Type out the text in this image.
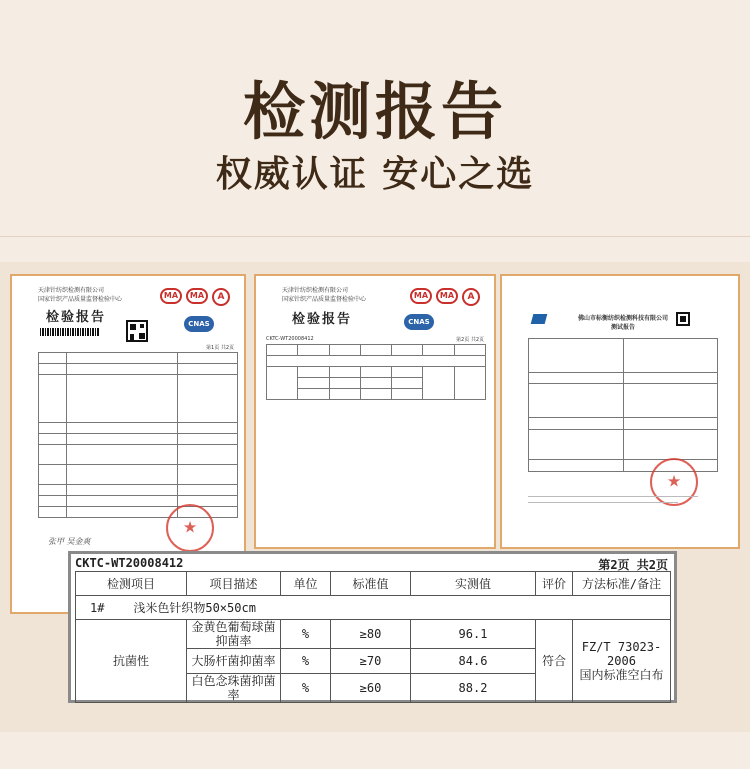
检测报告
权威认证 安心之选
天津针纺织检测有限公司
国家针织产品质量监督检验中心	MA	MA	A
检验报告	CNAS
第1页 共2页

★
张甲 吴金爽
天津针纺织检测有限公司
国家针织产品质量监督检验中心	MA	MA	A
检验报告	CNAS
CKTC-WT20008412	第2页 共2页

佛山市标衡纺织检测科技有限公司
测试报告

★
CKTC-WT20008412	第2页 共2页
检测项目	项目描述	单位	标准值	实测值	评价	方法标准/备注
1# 浅米色针织物50×50cm						
抗菌性	金黄色葡萄球菌抑菌率	%	≥80	96.1	符合	FZ/T 73023-2006
国内标准空白布

	大肠杆菌抑菌率	%	≥70	84.6		
	白色念珠菌抑菌率	%	≥60	88.2		
